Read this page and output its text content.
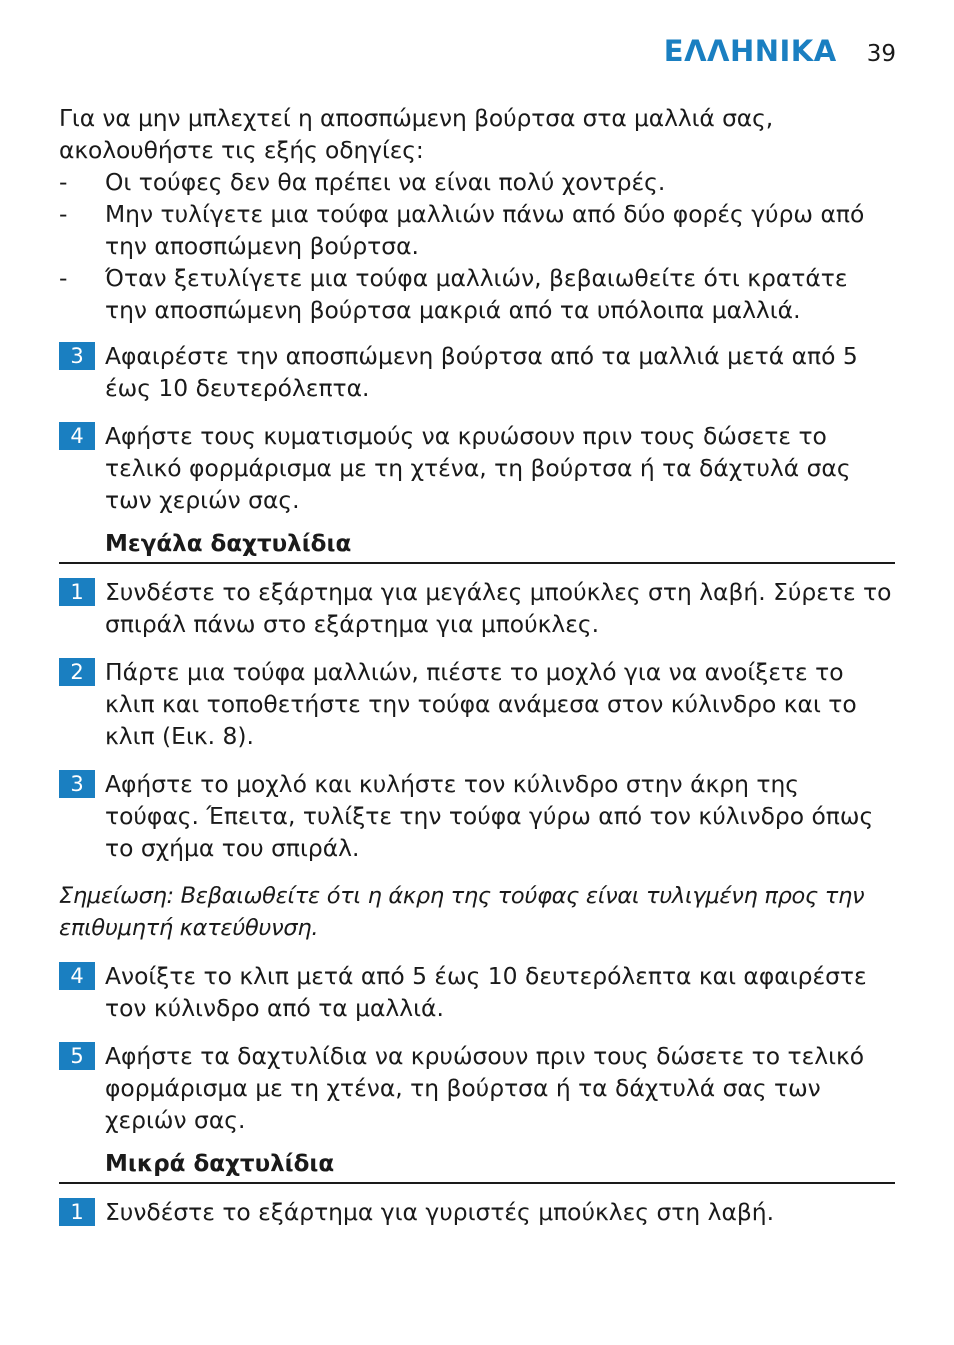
ΕΛΛΗΝΙΚΑ 39

Για να μην μπλεχτεί η αποσπώμενη βούρτσα στα μαλλιά σας, ακολουθήστε τις εξής οδηγίες:

-	Οι τούφες δεν θα πρέπει να είναι πολύ χοντρές.
-	Μην τυλίγετε μια τούφα μαλλιών πάνω από δύο φορές γύρω από την αποσπώμενη βούρτσα.
-	Όταν ξετυλίγετε μια τούφα μαλλιών, βεβαιωθείτε ότι κρατάτε την αποσπώμενη βούρτσα μακριά από τα υπόλοιπα μαλλιά.
3 Αφαιρέστε την αποσπώμενη βούρτσα από τα μαλλιά μετά από 5 έως 10 δευτερόλεπτα.

4 Αφήστε τους κυματισμούς να κρυώσουν πριν τους δώσετε το τελικό φορμάρισμα με τη χτένα, τη βούρτσα ή τα δάχτυλά σας των χεριών σας.

Μεγάλα δαχτυλίδια
1 Συνδέστε το εξάρτημα για μεγάλες μπούκλες στη λαβή. Σύρετε το σπιράλ πάνω στο εξάρτημα για μπούκλες.

2 Πάρτε μια τούφα μαλλιών, πιέστε το μοχλό για να ανοίξετε το κλιπ και τοποθετήστε την τούφα ανάμεσα στον κύλινδρο και το κλιπ (Εικ. 8).

3 Αφήστε το μοχλό και κυλήστε τον κύλινδρο στην άκρη της τούφας. Έπειτα, τυλίξτε την τούφα γύρω από τον κύλινδρο όπως το σχήμα του σπιράλ.

Σημείωση: Βεβαιωθείτε ότι η άκρη της τούφας είναι τυλιγμένη προς την επιθυμητή κατεύθυνση.

4 Ανοίξτε το κλιπ μετά από 5 έως 10 δευτερόλεπτα και αφαιρέστε τον κύλινδρο από τα μαλλιά.

5 Αφήστε τα δαχτυλίδια να κρυώσουν πριν τους δώσετε το τελικό φορμάρισμα με τη χτένα, τη βούρτσα ή τα δάχτυλά σας των χεριών σας.

Μικρά δαχτυλίδια
1 Συνδέστε το εξάρτημα για γυριστές μπούκλες στη λαβή.
